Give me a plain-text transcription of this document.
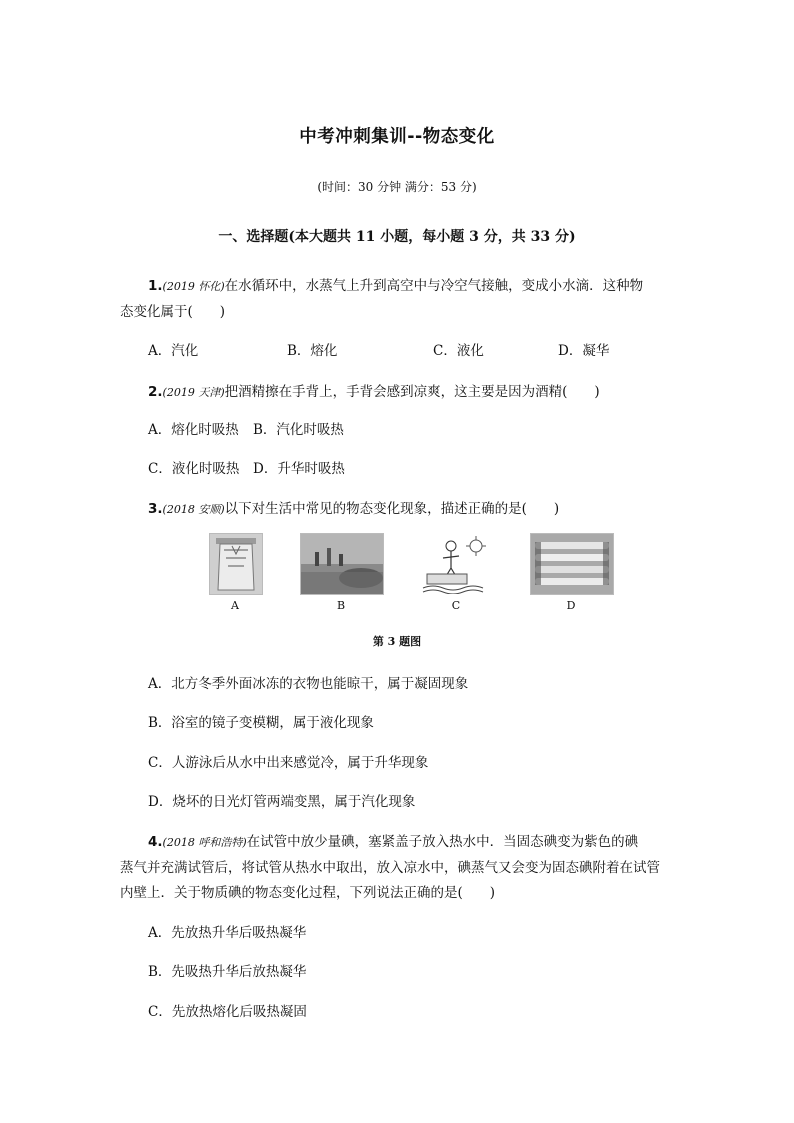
中考冲刺集训--物态变化
(时间：30 分钟 满分：53 分)
一、选择题(本大题共 11 小题，每小题 3 分，共 33 分)
1.(2019 怀化)在水循环中，水蒸气上升到高空中与冷空气接触，变成小水滴．这种物
态变化属于(　　)
A．汽化	B．熔化	C．液化	D．凝华
2.(2019 天津)把酒精擦在手背上，手背会感到凉爽，这主要是因为酒精(　　)
A．熔化时吸热 B．汽化时吸热
C．液化时吸热 D．升华时吸热
3.(2018 安顺)以下对生活中常见的物态变化现象，描述正确的是(　　)
A	B	C	D
第 3 题图
A．北方冬季外面冰冻的衣物也能晾干，属于凝固现象
B．浴室的镜子变模糊，属于液化现象
C．人游泳后从水中出来感觉冷，属于升华现象
D．烧坏的日光灯管两端变黑，属于汽化现象
4.(2018 呼和浩特)在试管中放少量碘，塞紧盖子放入热水中．当固态碘变为紫色的碘
蒸气并充满试管后，将试管从热水中取出，放入凉水中，碘蒸气又会变为固态碘附着在试管
内壁上．关于物质碘的物态变化过程，下列说法正确的是(　　)
A．先放热升华后吸热凝华
B．先吸热升华后放热凝华
C．先放热熔化后吸热凝固
